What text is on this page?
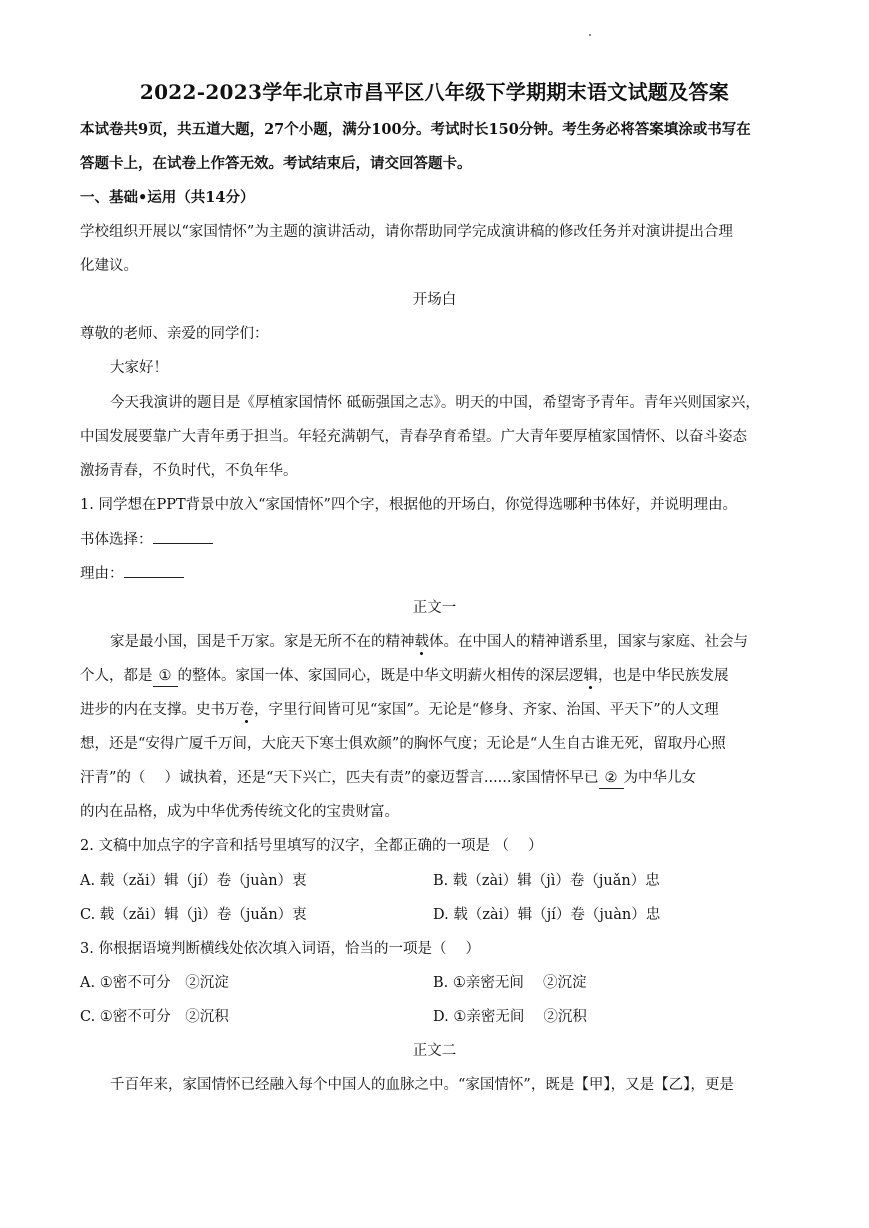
2022-2023学年北京市昌平区八年级下学期期末语文试题及答案
本试卷共9页，共五道大题，27个小题，满分100分。考试时长150分钟。考生务必将答案填涂或书写在
答题卡上，在试卷上作答无效。考试结束后，请交回答题卡。
一、基础•运用（共14分）
学校组织开展以“家国情怀”为主题的演讲活动，请你帮助同学完成演讲稿的修改任务并对演讲提出合理
化建议。
开场白
尊敬的老师、亲爱的同学们：
大家好！
今天我演讲的题目是《厚植家国情怀 砥砺强国之志》。明天的中国，希望寄予青年。青年兴则国家兴，
中国发展要靠广大青年勇于担当。年轻充满朝气，青春孕育希望。广大青年要厚植家国情怀、以奋斗姿态
激扬青春，不负时代，不负年华。
1. 同学想在PPT背景中放入“家国情怀”四个字，根据他的开场白，你觉得选哪种书体好，并说明理由。
书体选择：
理由：
正文一
家是最小国，国是千万家。家是无所不在的精神载体。在中国人的精神谱系里，国家与家庭、社会与
个人，都是 ① 的整体。家国一体、家国同心，既是中华文明薪火相传的深层逻辑，也是中华民族发展
进步的内在支撑。史书万卷，字里行间皆可见“家国”。无论是“修身、齐家、治国、平天下”的人文理
想，还是“安得广厦千万间，大庇天下寒士俱欢颜”的胸怀气度；无论是“人生自古谁无死，留取丹心照
汗青”的（　 ）诚执着，还是“天下兴亡，匹夫有责”的豪迈誓言......家国情怀早已 ② 为中华儿女
的内在品格，成为中华优秀传统文化的宝贵财富。
2. 文稿中加点字的字音和括号里填写的汉字，全都正确的一项是 （　 ）
A. 载（zǎi）辑（jí）卷（juàn）衷	B. 载（zài）辑（jì）卷（juǎn）忠
C. 载（zǎi）辑（jì）卷（juǎn）衷	D. 载（zài）辑（jí）卷（juàn）忠
3. 你根据语境判断横线处依次填入词语，恰当的一项是（　 ）
A. ①密不可分　②沉淀	B. ①亲密无间　 ②沉淀
C. ①密不可分　②沉积	D. ①亲密无间　 ②沉积
正文二
千百年来，家国情怀已经融入每个中国人的血脉之中。“家国情怀”，既是【甲】，又是【乙】，更是
